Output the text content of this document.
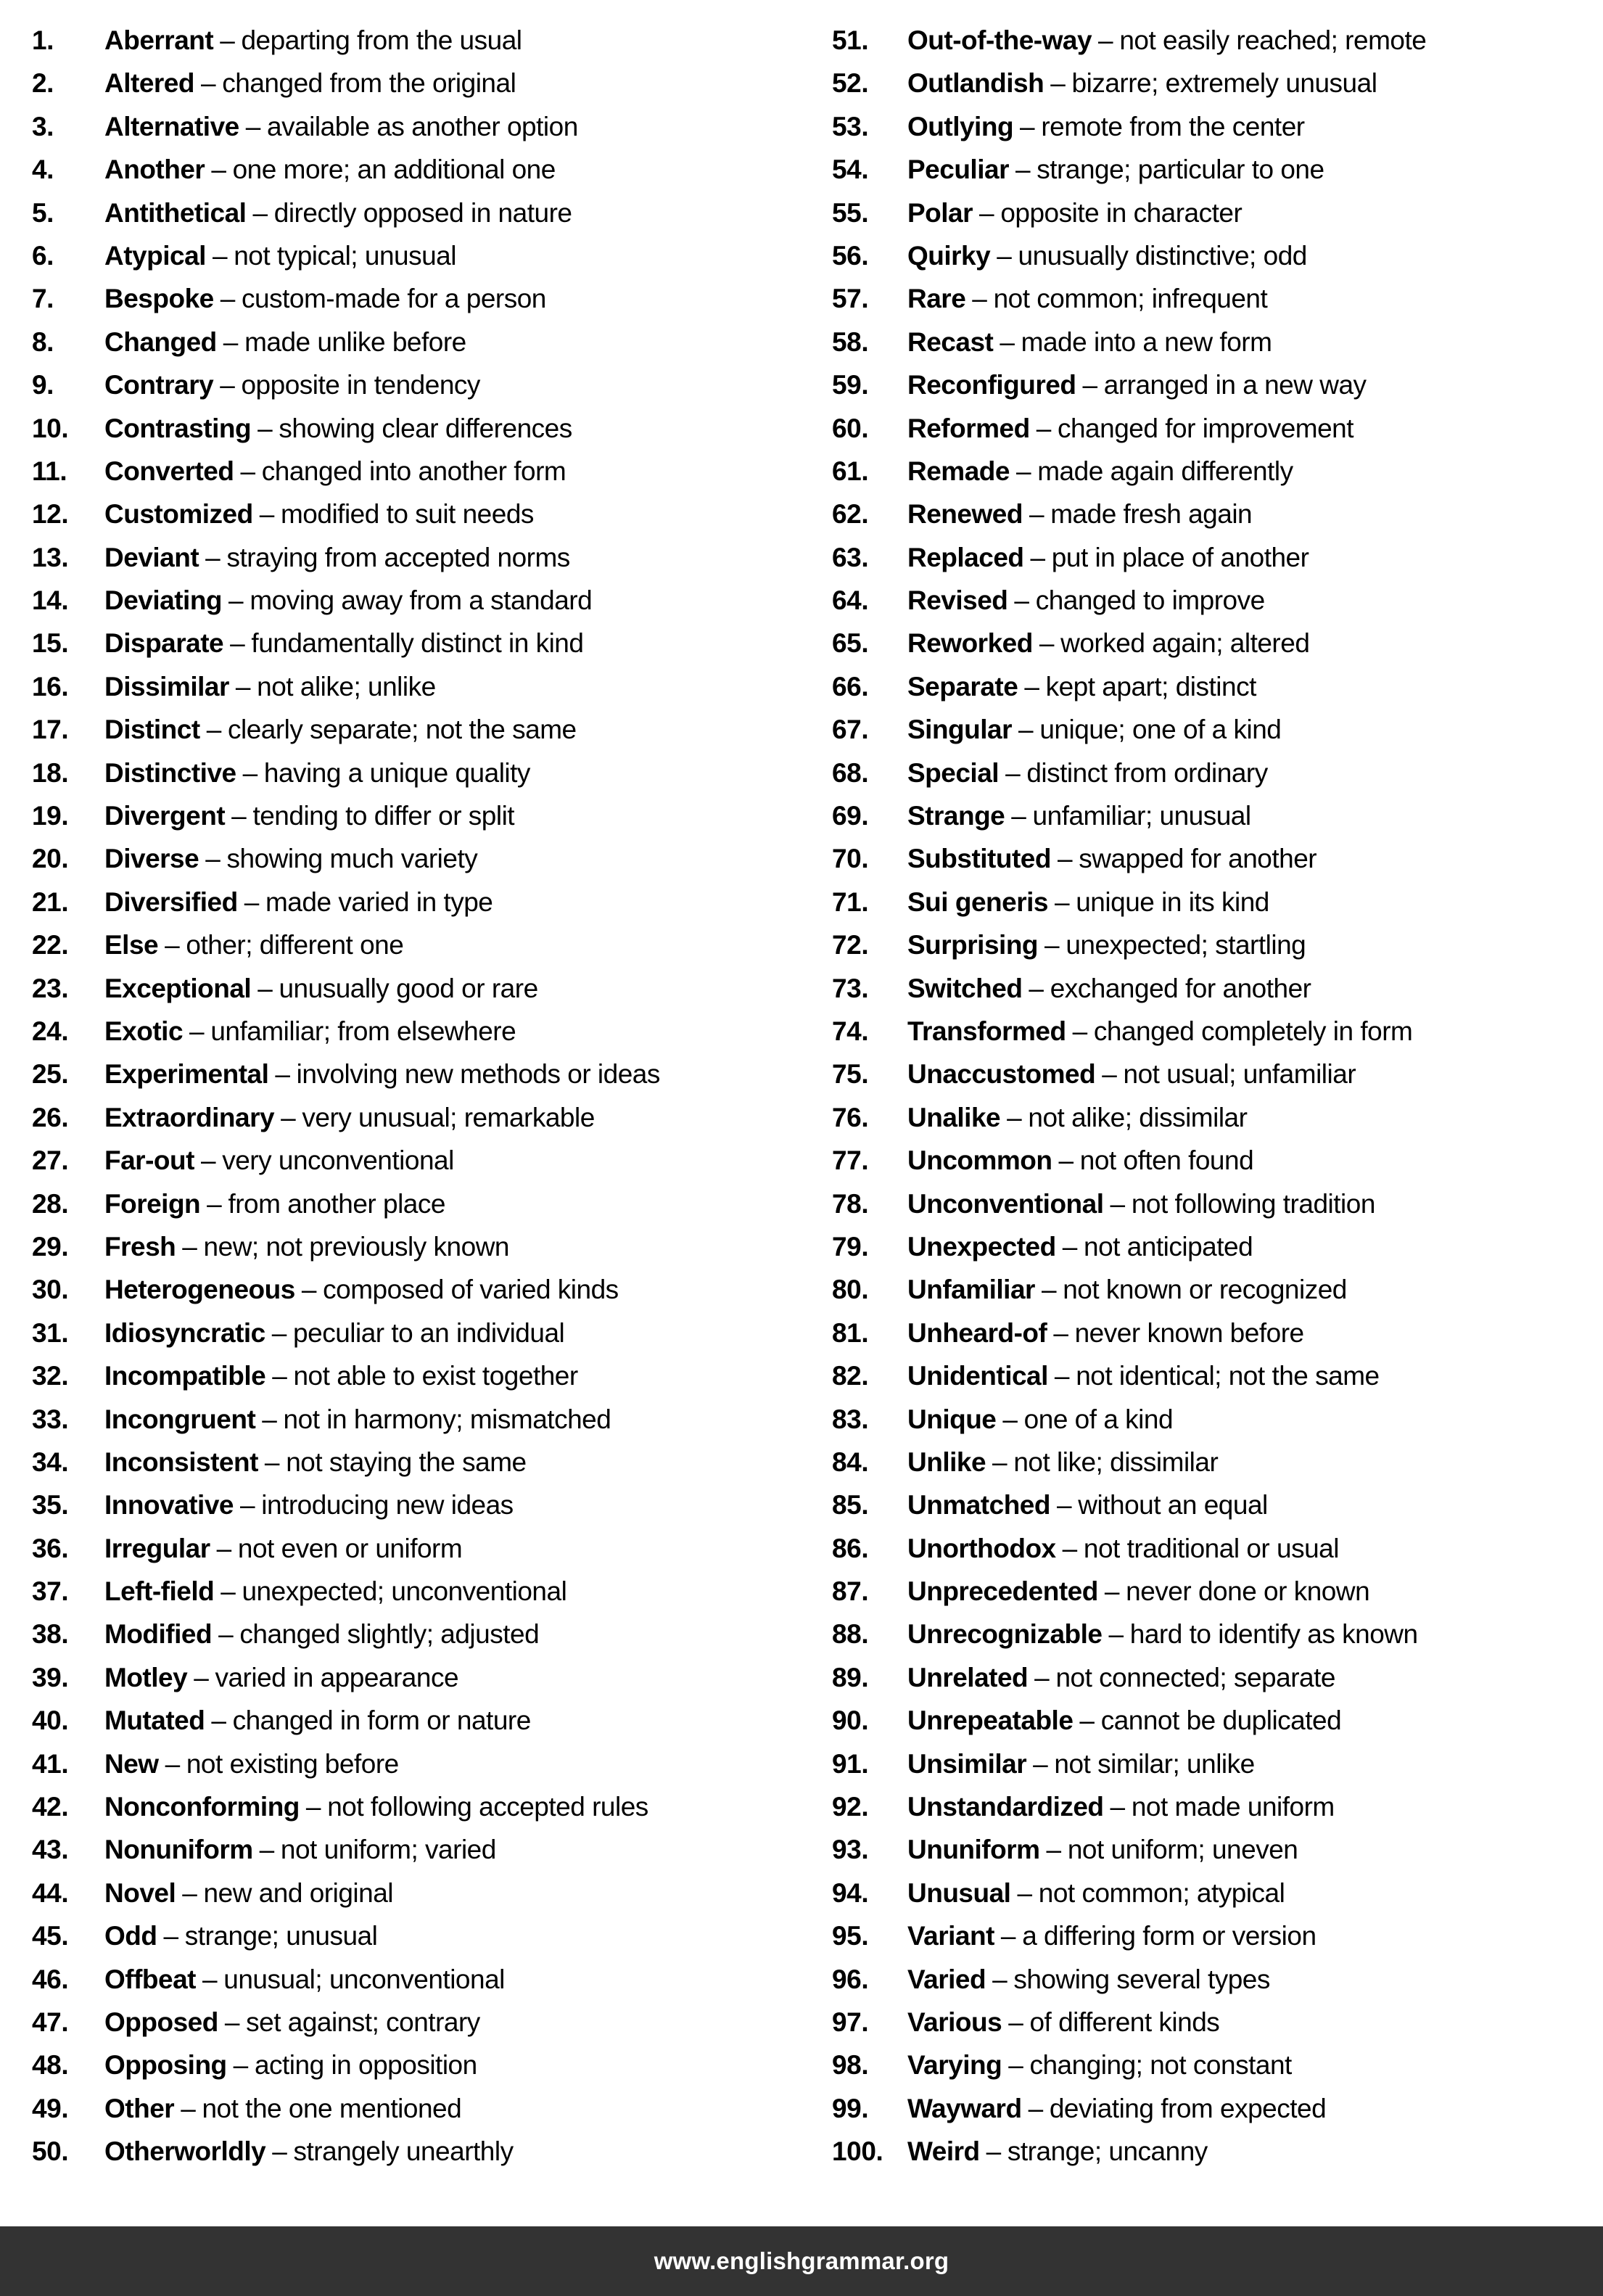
1.	Aberrant – departing from the usual
2.	Altered – changed from the original
3.	Alternative – available as another option
4.	Another – one more; an additional one
5.	Antithetical – directly opposed in nature
6.	Atypical – not typical; unusual
7.	Bespoke – custom-made for a person
8.	Changed – made unlike before
9.	Contrary – opposite in tendency
10.	Contrasting – showing clear differences
11.	Converted – changed into another form
12.	Customized – modified to suit needs
13.	Deviant – straying from accepted norms
14.	Deviating – moving away from a standard
15.	Disparate – fundamentally distinct in kind
16.	Dissimilar – not alike; unlike
17.	Distinct – clearly separate; not the same
18.	Distinctive – having a unique quality
19.	Divergent – tending to differ or split
20.	Diverse – showing much variety
21.	Diversified – made varied in type
22.	Else – other; different one
23.	Exceptional – unusually good or rare
24.	Exotic – unfamiliar; from elsewhere
25.	Experimental – involving new methods or ideas
26.	Extraordinary – very unusual; remarkable
27.	Far-out – very unconventional
28.	Foreign – from another place
29.	Fresh – new; not previously known
30.	Heterogeneous – composed of varied kinds
31.	Idiosyncratic – peculiar to an individual
32.	Incompatible – not able to exist together
33.	Incongruent – not in harmony; mismatched
34.	Inconsistent – not staying the same
35.	Innovative – introducing new ideas
36.	Irregular – not even or uniform
37.	Left-field – unexpected; unconventional
38.	Modified – changed slightly; adjusted
39.	Motley – varied in appearance
40.	Mutated – changed in form or nature
41.	New – not existing before
42.	Nonconforming – not following accepted rules
43.	Nonuniform – not uniform; varied
44.	Novel – new and original
45.	Odd – strange; unusual
46.	Offbeat – unusual; unconventional
47.	Opposed – set against; contrary
48.	Opposing – acting in opposition
49.	Other – not the one mentioned
50.	Otherworldly – strangely unearthly
51.	Out-of-the-way – not easily reached; remote
52.	Outlandish – bizarre; extremely unusual
53.	Outlying – remote from the center
54.	Peculiar – strange; particular to one
55.	Polar – opposite in character
56.	Quirky – unusually distinctive; odd
57.	Rare – not common; infrequent
58.	Recast – made into a new form
59.	Reconfigured – arranged in a new way
60.	Reformed – changed for improvement
61.	Remade – made again differently
62.	Renewed – made fresh again
63.	Replaced – put in place of another
64.	Revised – changed to improve
65.	Reworked – worked again; altered
66.	Separate – kept apart; distinct
67.	Singular – unique; one of a kind
68.	Special – distinct from ordinary
69.	Strange – unfamiliar; unusual
70.	Substituted – swapped for another
71.	Sui generis – unique in its kind
72.	Surprising – unexpected; startling
73.	Switched – exchanged for another
74.	Transformed – changed completely in form
75.	Unaccustomed – not usual; unfamiliar
76.	Unalike – not alike; dissimilar
77.	Uncommon – not often found
78.	Unconventional – not following tradition
79.	Unexpected – not anticipated
80.	Unfamiliar – not known or recognized
81.	Unheard-of – never known before
82.	Unidentical – not identical; not the same
83.	Unique – one of a kind
84.	Unlike – not like; dissimilar
85.	Unmatched – without an equal
86.	Unorthodox – not traditional or usual
87.	Unprecedented – never done or known
88.	Unrecognizable – hard to identify as known
89.	Unrelated – not connected; separate
90.	Unrepeatable – cannot be duplicated
91.	Unsimilar – not similar; unlike
92.	Unstandardized – not made uniform
93.	Ununiform – not uniform; uneven
94.	Unusual – not common; atypical
95.	Variant – a differing form or version
96.	Varied – showing several types
97.	Various – of different kinds
98.	Varying – changing; not constant
99.	Wayward – deviating from expected
100. Weird – strange; uncanny
www.englishgrammar.org
